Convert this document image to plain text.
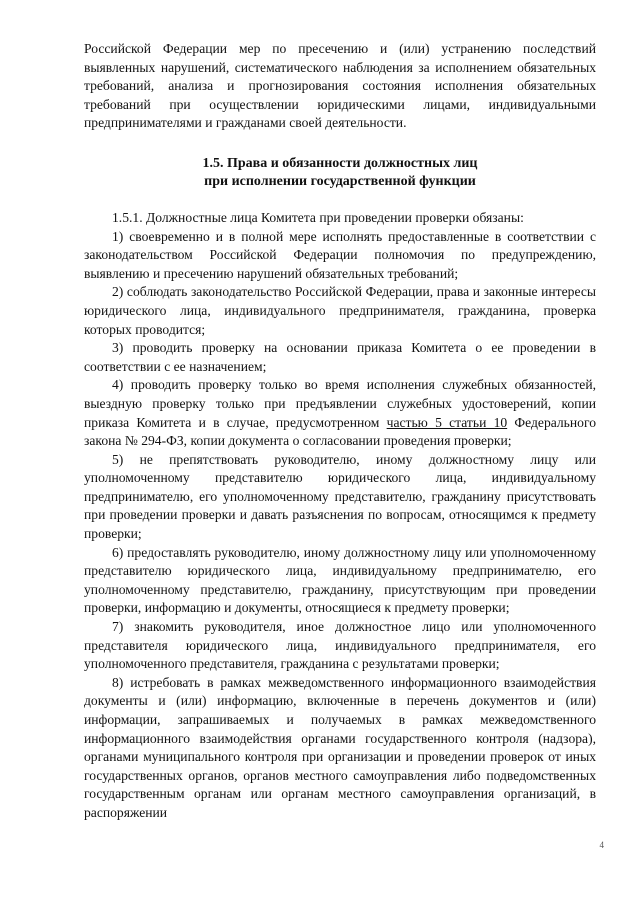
Российской Федерации мер по пресечению и (или) устранению последствий выявленных нарушений, систематического наблюдения за исполнением обязательных требований, анализа и прогнозирования состояния исполнения обязательных требований при осуществлении юридическими лицами, индивидуальными предпринимателями и гражданами своей деятельности.

1.5. Права и обязанности должностных лиц
при исполнении государственной функции

1.5.1. Должностные лица Комитета при проведении проверки обязаны:

1) своевременно и в полной мере исполнять предоставленные в соответствии с законодательством Российской Федерации полномочия по предупреждению, выявлению и пресечению нарушений обязательных требований;

2) соблюдать законодательство Российской Федерации, права и законные интересы юридического лица, индивидуального предпринимателя, гражданина, проверка которых проводится;

3) проводить проверку на основании приказа Комитета о ее проведении в соответствии с ее назначением;

4) проводить проверку только во время исполнения служебных обязанностей, выездную проверку только при предъявлении служебных удостоверений, копии приказа Комитета и в случае, предусмотренном частью 5 статьи 10 Федерального закона № 294-ФЗ, копии документа о согласовании проведения проверки;

5) не препятствовать руководителю, иному должностному лицу или уполномоченному представителю юридического лица, индивидуальному предпринимателю, его уполномоченному представителю, гражданину присутствовать при проведении проверки и давать разъяснения по вопросам, относящимся к предмету проверки;

6) предоставлять руководителю, иному должностному лицу или уполномоченному представителю юридического лица, индивидуальному предпринимателю, его уполномоченному представителю, гражданину, присутствующим при проведении проверки, информацию и документы, относящиеся к предмету проверки;

7) знакомить руководителя, иное должностное лицо или уполномоченного представителя юридического лица, индивидуального предпринимателя, его уполномоченного представителя, гражданина с результатами проверки;

8) истребовать в рамках межведомственного информационного взаимодействия документы и (или) информацию, включенные в перечень документов и (или) информации, запрашиваемых и получаемых в рамках межведомственного информационного взаимодействия органами государственного контроля (надзора), органами муниципального контроля при организации и проведении проверок от иных государственных органов, органов местного самоуправления либо подведомственных государственным органам или органам местного самоуправления организаций, в распоряжении

4
